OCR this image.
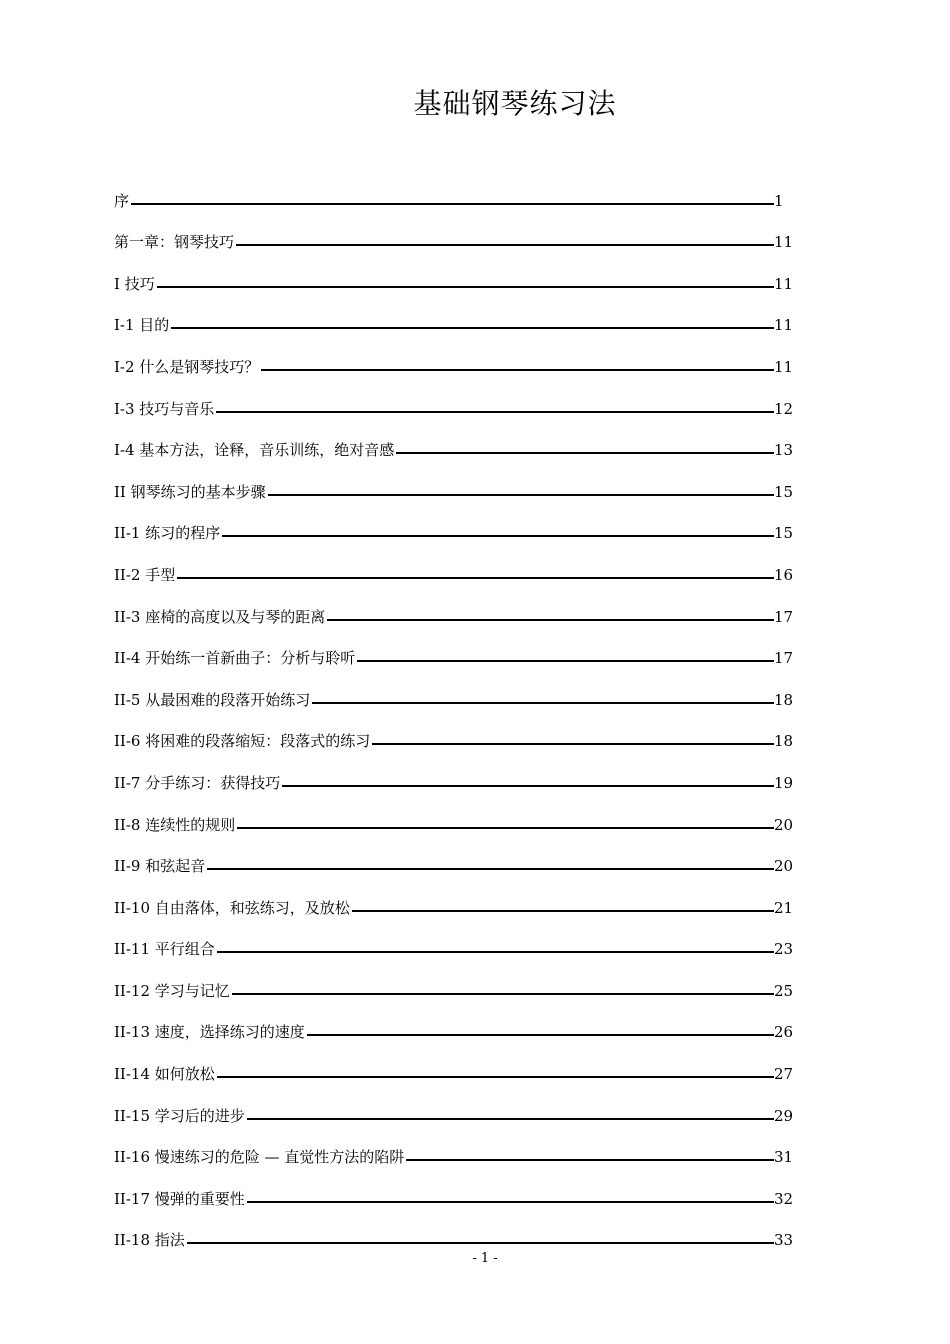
基础钢琴练习法
序	1
第一章：钢琴技巧	11
I 技巧	11
I-1 目的	11
I-2 什么是钢琴技巧？	11
I-3 技巧与音乐	12
I-4 基本方法，诠释，音乐训练，绝对音感	13
II 钢琴练习的基本步骤	15
II-1 练习的程序	15
II-2 手型	16
II-3 座椅的高度以及与琴的距离	17
II-4 开始练一首新曲子：分析与聆听	17
II-5 从最困难的段落开始练习	18
II-6 将困难的段落缩短：段落式的练习	18
II-7 分手练习：获得技巧	19
II-8 连续性的规则	20
II-9 和弦起音	20
II-10 自由落体，和弦练习，及放松	21
II-11 平行组合	23
II-12 学习与记忆	25
II-13 速度，选择练习的速度	26
II-14 如何放松	27
II-15 学习后的进步	29
II-16 慢速练习的危险 — 直觉性方法的陷阱	31
II-17 慢弹的重要性	32
II-18 指法	33
- 1 -
